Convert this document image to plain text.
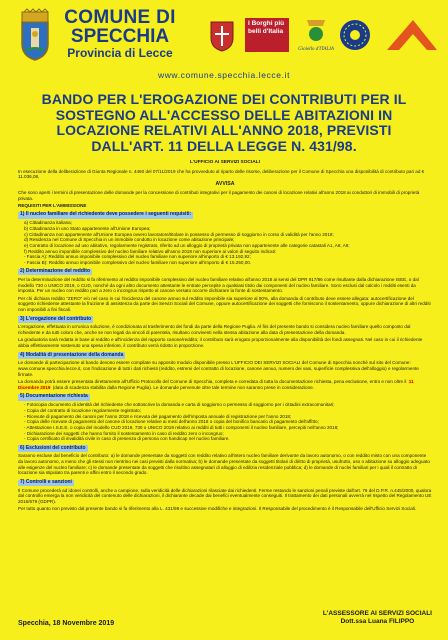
COMUNE DI
SPECCHIA
Provincia di Lecce
I Borghi più belli d'Italia
Gioiello d'ITALIA
www.comune.specchia.lecce.it
BANDO PER L'EROGAZIONE DEI CONTRIBUTI PER IL SOSTEGNO ALL'ACCESSO DELLE ABITAZIONI IN LOCAZIONE RELATIVI ALL'ANNO 2018, PREVISTI DALL'ART. 11 DELLA LEGGE N. 431/98.
L'UFFICIO AI SERVIZI SOCIALI
In esecuzione della deliberazione di Giunta Regionale n. 4460 del 07/11/2019 che ha provveduto al riparto delle risorse, deliberazione per il Comune di Specchia una disponibilità di contributo pari ad € 11.036,08,
AVVISA
Che sono aperti i termini di presentazione delle domande per la concessione di contributi integrativi per il pagamento dei canoni di locazione relativi all'anno 2018 ai conduttori di immobili di proprietà privata.
REQUISITI PER L'AMMISSIONE
1) Il nucleo familiare del richiedente deve possedere i seguenti requisiti:
a) Cittadinanza italiana;
b) Cittadinanza in uno Stato appartenente all'Unione Europea;
c) Cittadinanza non appartenente all'Unione Europea ovvero lavoratore/titolare in possesso di permesso di soggiorno in corso di validità per l'anno 2018;
d) Residenza nel Comune di Specchia in un immobile condotto in locazione come abitazione principale;
e) Contratto di locazione ad uso abitativo, regolarmente registrato, riferito ad un alloggio di proprietà privata non appartenente alle categorie catastali A1, A8, A9;
f) Reddito annuo imponibile complessivo del nucleo familiare relativo all'anno 2018 non superiore ai valori di seguito indicati:
- Fascia A): Reddito annuo imponibile complessivo del nucleo familiare non superiore all'importo di € 13.192,92;
- Fascia B): Reddito annuo imponibile complessivo del nucleo familiare non superiore all'importo di € 15.250,00.
2) Determinazione del reddito
Per la determinazione del reddito si fa riferimento al reddito imponibile complessivo del nucleo familiare relativo all'anno 2018 ai sensi del DPR 917/86 come risultante dalla dichiarazione ISEE, o dal modello 730 o UNICO 2019, o CUD, nonché da ogni altro documento attestante le entrate percepite a qualsiasi titolo dai componenti del nucleo familiare. Sono esclusi dal calcolo i redditi esenti da imposta. Per un nucleo con reddito pari a zero o incongruo rispetto al canone versato occorre dichiarare la fonte di sostentamento.
Per chi dichiara reddito "ZERO" e/o nel caso in cui l'incidenza del canone annuo sul reddito imponibile sia superiore al 90%, alla domanda di contributo deve essere allegata: autocertificazione del soggetto richiedente attestante la fruizione di assistenza da parte dei Servizi Sociali del Comune, oppure autocertificazione dei soggetti che forniscono il sostentamento, oppure dichiarazione di altri redditi non imponibili a fini fiscali.
3) L'erogazione del contributo
L'erogazione, effettuata in un'unica soluzione, è condizionata al trasferimento dei fondi da parte della Regione Puglia. Al fini del presente bando si considera nucleo familiare quello composto dal richiedente e da tutti coloro che, anche se non legati da vincoli di parentela, risultano conviventi nella stessa abitazione alla data di presentazione della domanda.
La graduatoria sarà redatta in base al reddito e all'incidenza del rapporto canone/reddito; il contributo sarà erogato proporzionalmente alla disponibilità dei fondi assegnati. Nel caso in cui il richiedente abbia effettivamente sostenuto una spesa inferiore, il contributo verrà ridotto in proporzione.
4) Modalità di presentazione della domanda
Le domande di partecipazione al bando devono essere compilate su apposito modulo disponibile presso L'UFFICIO DEI SERVIZI SOCIALI del Comune di Specchia nonché sul sito del Comune: www.comune.specchia.lecce.it, con l'indicazione di tutti i dati richiesti (reddito, estremi del contratto di locazione, canone annuo, numero dei vani, superficie complessiva dell'alloggio) e regolarmente firmate.
La domanda potrà essere presentata direttamente all'Ufficio Protocollo del Comune di Specchia, completa e corredata di tutta la documentazione richiesta, pena esclusione, entro e non oltre il 11 Dicembre 2019 (data di scadenza stabilita dalla Regione Puglia). Le domande pervenute oltre tale termine non saranno prese in considerazione.
5) Documentazione richiesta
- Fotocopia documento di identità del richiedente che sottoscrive la domanda e carta di soggiorno o permesso di soggiorno per i cittadini extracomunitari;
- Copia del contratto di locazione regolarmente registrato;
- Ricevute di pagamento dei canoni per l'anno 2018 e ricevuta del pagamento dell'imposta annuale di registrazione per l'anno 2018;
- Copia delle ricevute di pagamento del canone di locazione relative ai mesi dell'anno 2018 o copia del bonifico bancario di pagamento dell'affitto;
- Attestazione I.S.E.E. o copia del modello CUD 2019, 730 o UNICO 2019 relativo ai redditi di tutti i componenti il nucleo familiare, percepiti nell'anno 2018;
- Dichiarazione dei soggetti che hanno fornito il sostentamento in caso di reddito zero o incongruo;
- Copia certificato di invalidità civile in caso di presenza di persona con handicap nel nucleo familiare.
6) Esclusioni del contributo
Saranno escluse dal beneficio del contributo: a) le domande presentate da soggetti con reddito relativo all'intero nucleo familiare derivante da lavoro autonomo, o con reddito misto con una componente da lavoro autonomo, a meno che gli stessi non rientrino nei casi previsti dalla normativa; b) le domande presentate da soggetti titolari di diritto di proprietà, usufrutto, uso o abitazione su alloggio adeguato alle esigenze del nucleo familiare; c) le domande presentate da soggetti che risultino assegnatari di alloggio di edilizia residenziale pubblica; d) le domande di nuclei familiari per i quali il contratto di locazione sia stipulato tra parenti e affini entro il secondo grado.
7) Controlli e sanzioni
Il Comune procederà ad idonei controlli, anche a campione, sulla veridicità delle dichiarazioni rilasciate dai richiedenti. Ferme restando le sanzioni penali previste dall'art. 76 del D.P.R. n.445/2000, qualora dal controllo emerga la non veridicità del contenuto delle dichiarazioni, il dichiarante decade dai benefici eventualmente conseguiti. Il trattamento dei dati personali avverrà nel rispetto del Regolamento UE 2016/679 (GDPR).
Per tutto quanto non previsto dal presente bando si fa riferimento alla L. 431/98 e successive modifiche e integrazioni. Il Responsabile del procedimento è il Responsabile dell'Ufficio Servizi Sociali.
Specchia, 18 Novembre 2019
L'ASSESSORE AI SERVIZI SOCIALI
Dott.ssa Luana FILIPPO
